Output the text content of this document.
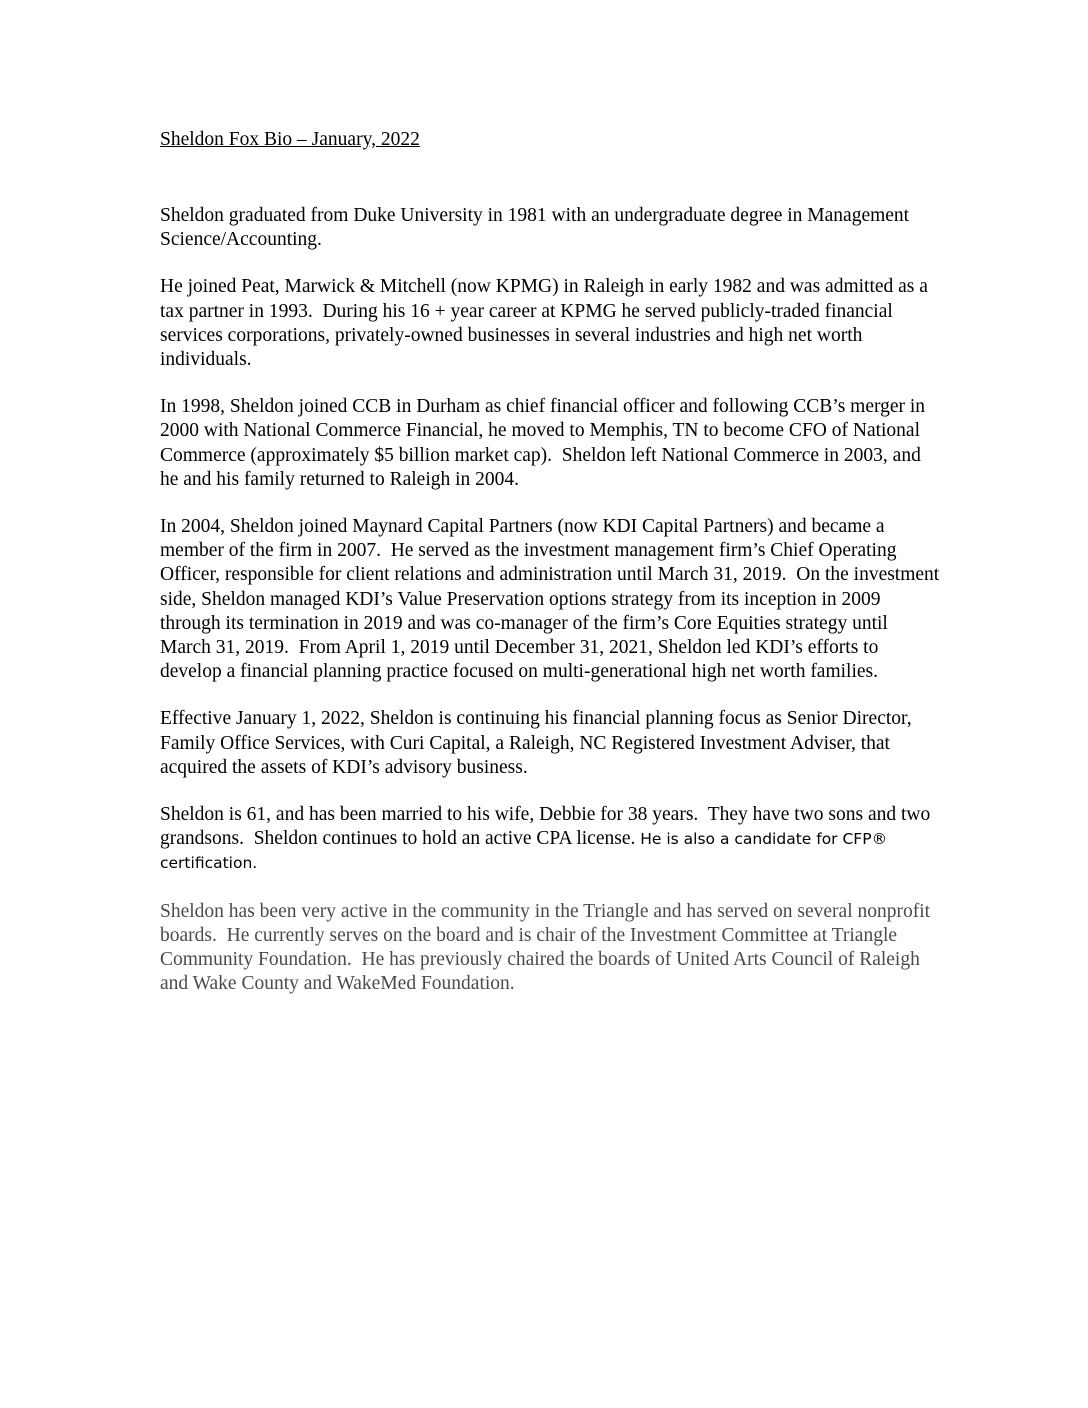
Sheldon Fox Bio – January, 2022

Sheldon graduated from Duke University in 1981 with an undergraduate degree in Management Science/Accounting.

He joined Peat, Marwick & Mitchell (now KPMG) in Raleigh in early 1982 and was admitted as a tax partner in 1993.  During his 16 + year career at KPMG he served publicly-traded financial services corporations, privately-owned businesses in several industries and high net worth individuals.

In 1998, Sheldon joined CCB in Durham as chief financial officer and following CCB’s merger in 2000 with National Commerce Financial, he moved to Memphis, TN to become CFO of National Commerce (approximately $5 billion market cap).  Sheldon left National Commerce in 2003, and he and his family returned to Raleigh in 2004.

In 2004, Sheldon joined Maynard Capital Partners (now KDI Capital Partners) and became a member of the firm in 2007.  He served as the investment management firm’s Chief Operating Officer, responsible for client relations and administration until March 31, 2019.  On the investment side, Sheldon managed KDI’s Value Preservation options strategy from its inception in 2009 through its termination in 2019 and was co-manager of the firm’s Core Equities strategy until March 31, 2019.  From April 1, 2019 until December 31, 2021, Sheldon led KDI’s efforts to develop a financial planning practice focused on multi-generational high net worth families.

Effective January 1, 2022, Sheldon is continuing his financial planning focus as Senior Director, Family Office Services, with Curi Capital, a Raleigh, NC Registered Investment Adviser, that acquired the assets of KDI’s advisory business.

Sheldon is 61, and has been married to his wife, Debbie for 38 years.  They have two sons and two grandsons.  Sheldon continues to hold an active CPA license. He is also a candidate for CFP® certification.

Sheldon has been very active in the community in the Triangle and has served on several nonprofit boards.  He currently serves on the board and is chair of the Investment Committee at Triangle Community Foundation.  He has previously chaired the boards of United Arts Council of Raleigh and Wake County and WakeMed Foundation.
